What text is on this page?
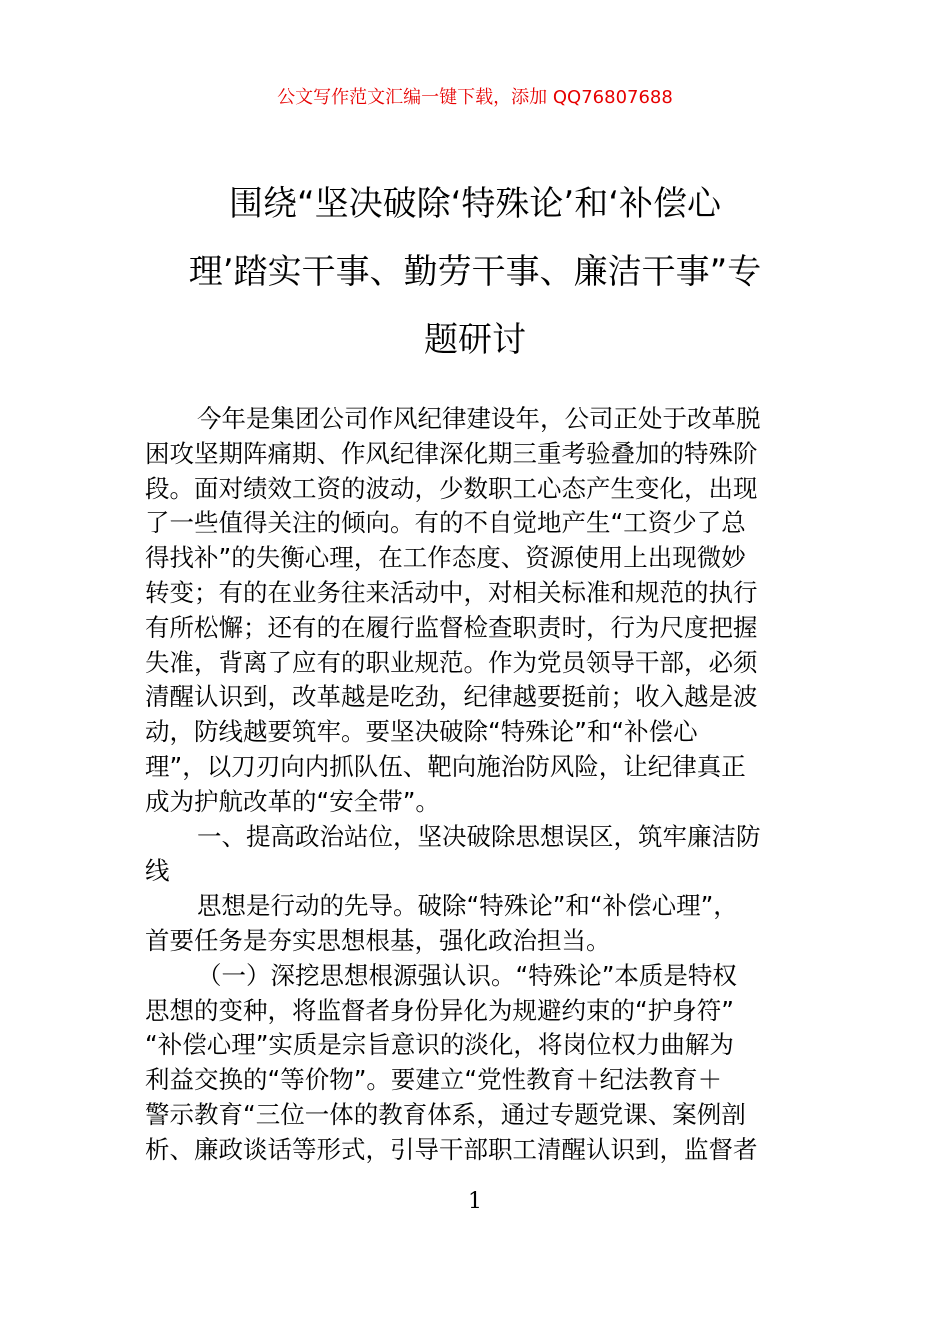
公文写作范文汇编一键下载，添加 QQ76807688
围绕“坚决破除‘特殊论’和‘补偿心
理’踏实干事、勤劳干事、廉洁干事”专
题研讨
今年是集团公司作风纪律建设年，公司正处于改革脱
困攻坚期阵痛期、作风纪律深化期三重考验叠加的特殊阶
段。面对绩效工资的波动，少数职工心态产生变化，出现
了一些值得关注的倾向。有的不自觉地产生“工资少了总
得找补”的失衡心理，在工作态度、资源使用上出现微妙
转变；有的在业务往来活动中，对相关标准和规范的执行
有所松懈；还有的在履行监督检查职责时，行为尺度把握
失准，背离了应有的职业规范。作为党员领导干部，必须
清醒认识到，改革越是吃劲，纪律越要挺前；收入越是波
动，防线越要筑牢。要坚决破除“特殊论”和“补偿心
理”，以刀刃向内抓队伍、靶向施治防风险，让纪律真正
成为护航改革的“安全带”。
一、提高政治站位，坚决破除思想误区，筑牢廉洁防
线
思想是行动的先导。破除“特殊论”和“补偿心理”，
首要任务是夯实思想根基，强化政治担当。
（一）深挖思想根源强认识。“特殊论”本质是特权
思想的变种，将监督者身份异化为规避约束的“护身符”
“补偿心理”实质是宗旨意识的淡化，将岗位权力曲解为
利益交换的“等价物”。要建立“党性教育＋纪法教育＋
警示教育“三位一体的教育体系，通过专题党课、案例剖
析、廉政谈话等形式，引导干部职工清醒认识到，监督者
1
